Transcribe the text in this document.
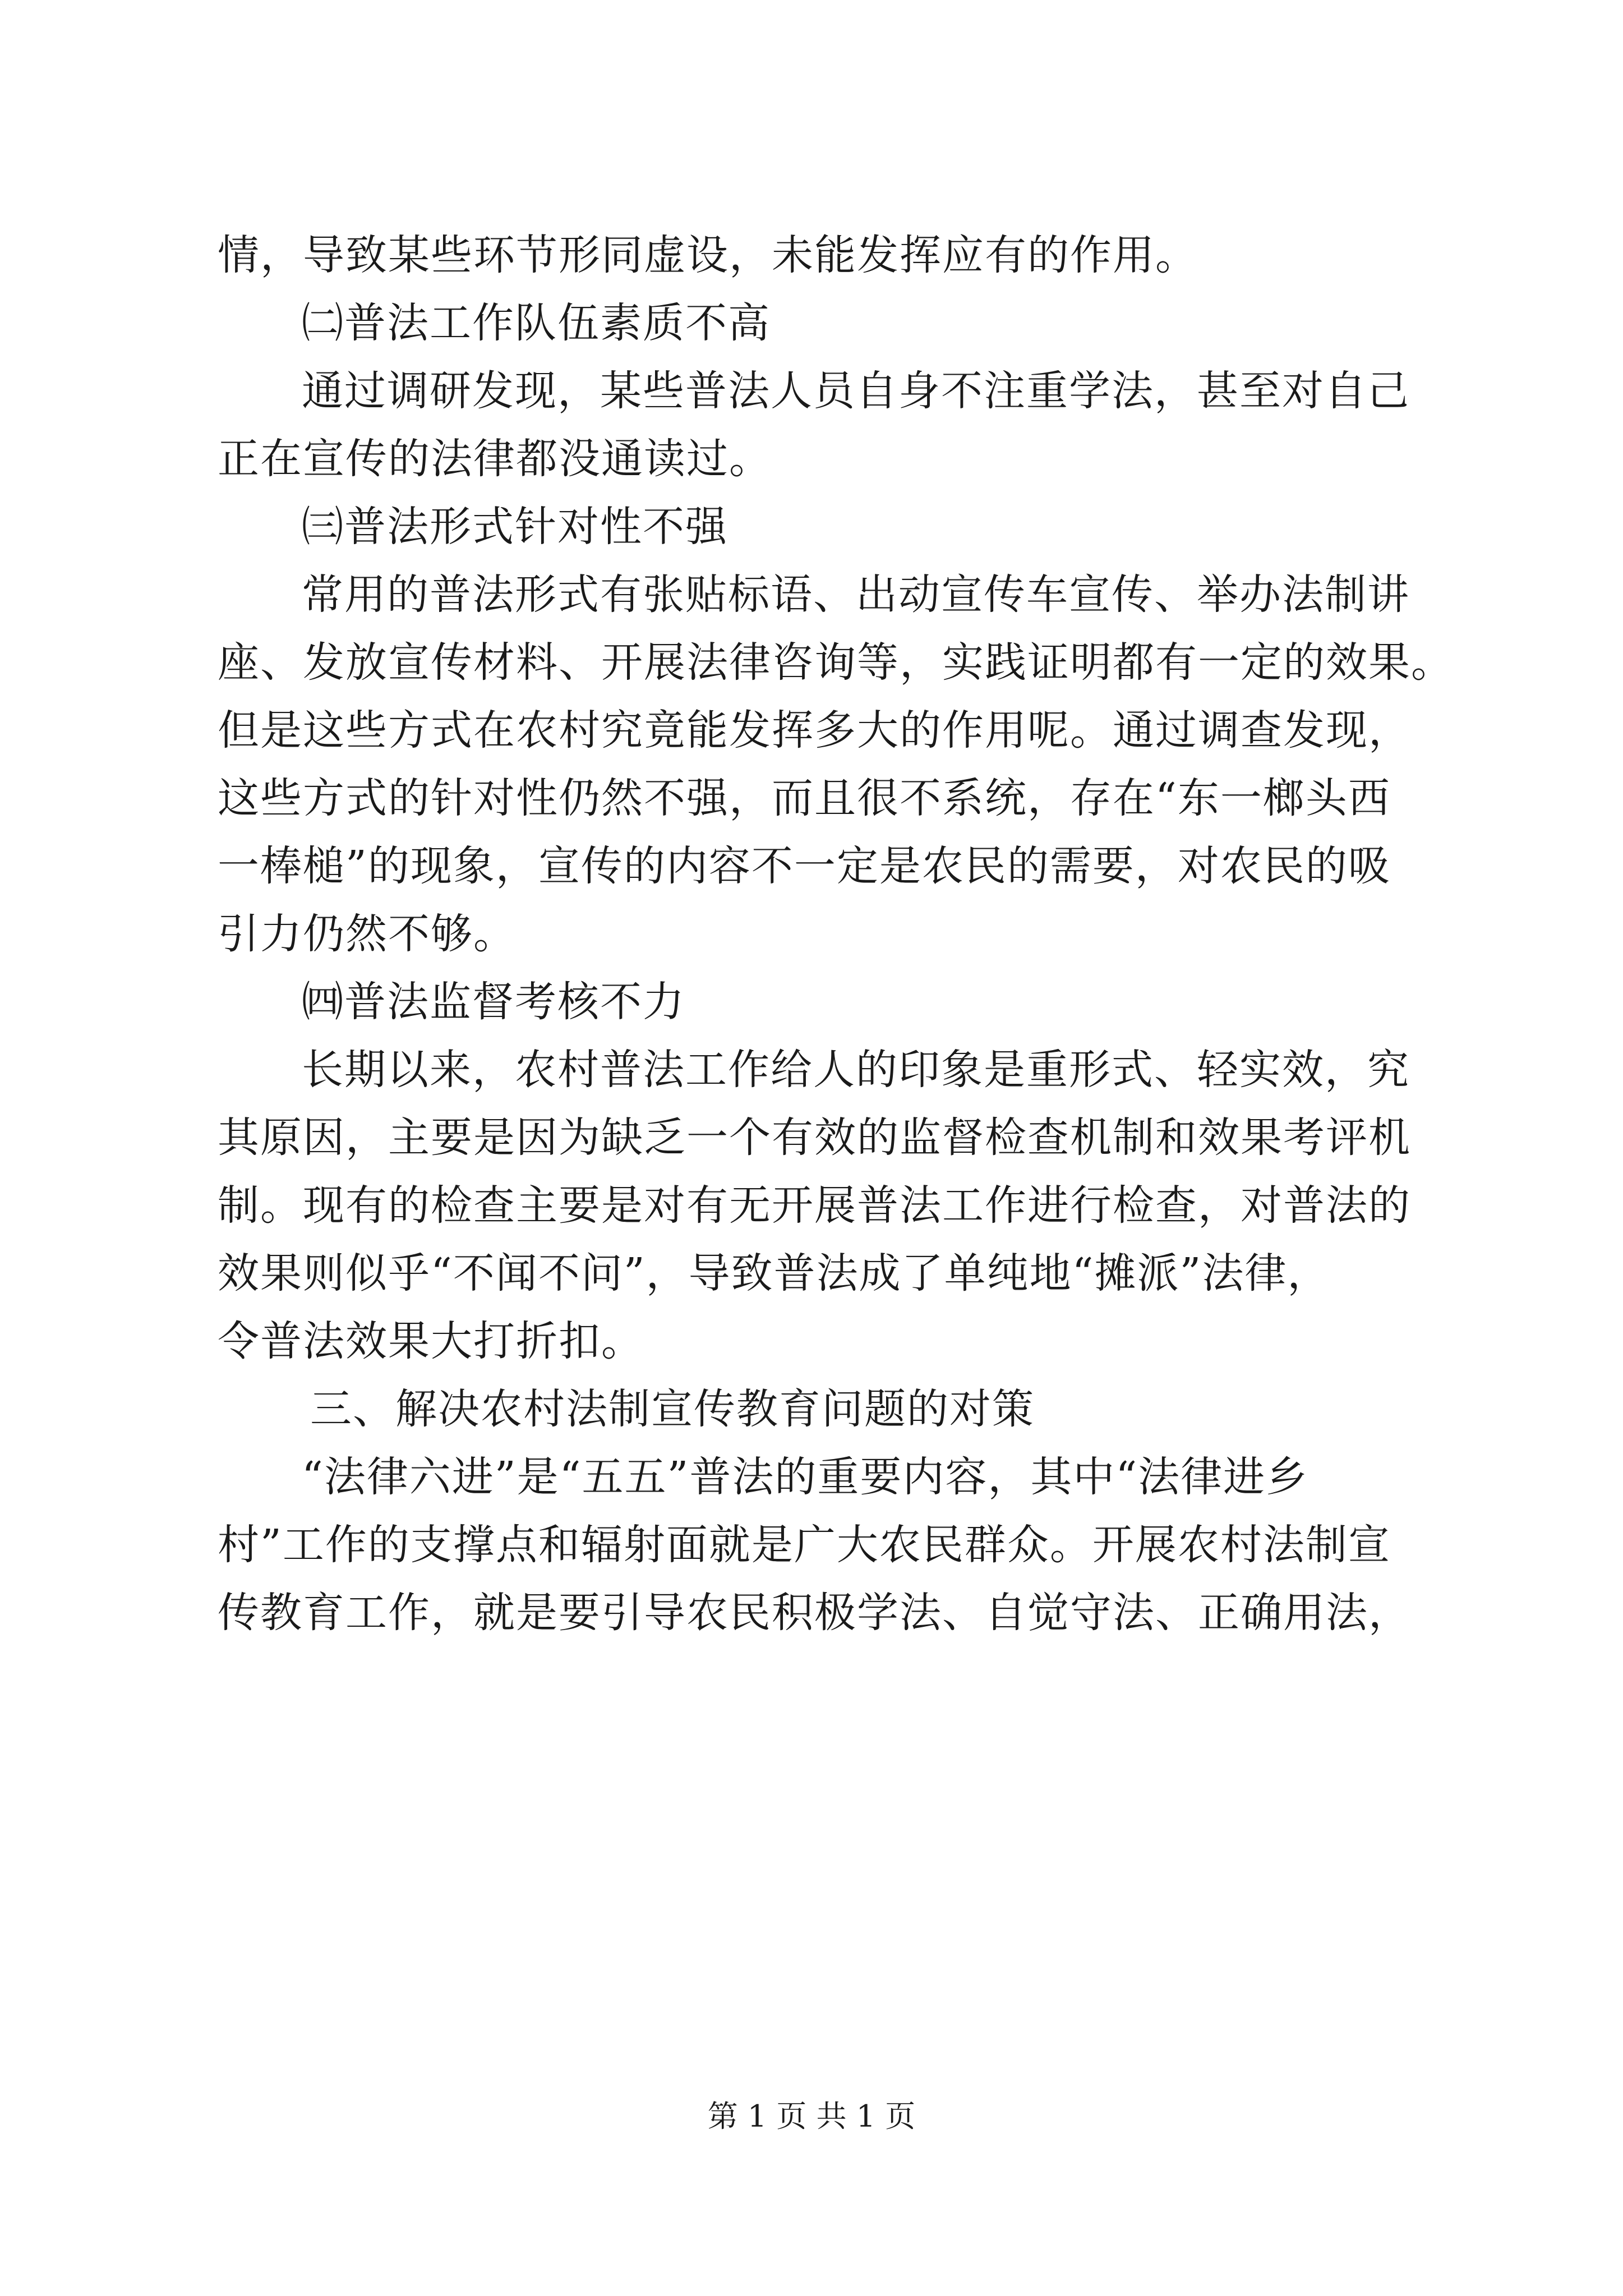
情，导致某些环节形同虚设，未能发挥应有的作用。
㈡普法工作队伍素质不高
通过调研发现，某些普法人员自身不注重学法，甚至对自己
正在宣传的法律都没通读过。
㈢普法形式针对性不强
常用的普法形式有张贴标语、出动宣传车宣传、举办法制讲
座、发放宣传材料、开展法律咨询等，实践证明都有一定的效果。
但是这些方式在农村究竟能发挥多大的作用呢。通过调查发现，
这些方式的针对性仍然不强，而且很不系统，存在“东一榔头西
一棒槌”的现象，宣传的内容不一定是农民的需要，对农民的吸
引力仍然不够。
㈣普法监督考核不力
长期以来，农村普法工作给人的印象是重形式、轻实效，究
其原因，主要是因为缺乏一个有效的监督检查机制和效果考评机
制。现有的检查主要是对有无开展普法工作进行检查，对普法的
效果则似乎“不闻不问”，导致普法成了单纯地“摊派”法律，
令普法效果大打折扣。
三、解决农村法制宣传教育问题的对策
“法律六进”是“五五”普法的重要内容，其中“法律进乡
村”工作的支撑点和辐射面就是广大农民群众。开展农村法制宣
传教育工作，就是要引导农民积极学法、自觉守法、正确用法，
第 1 页 共 1 页
